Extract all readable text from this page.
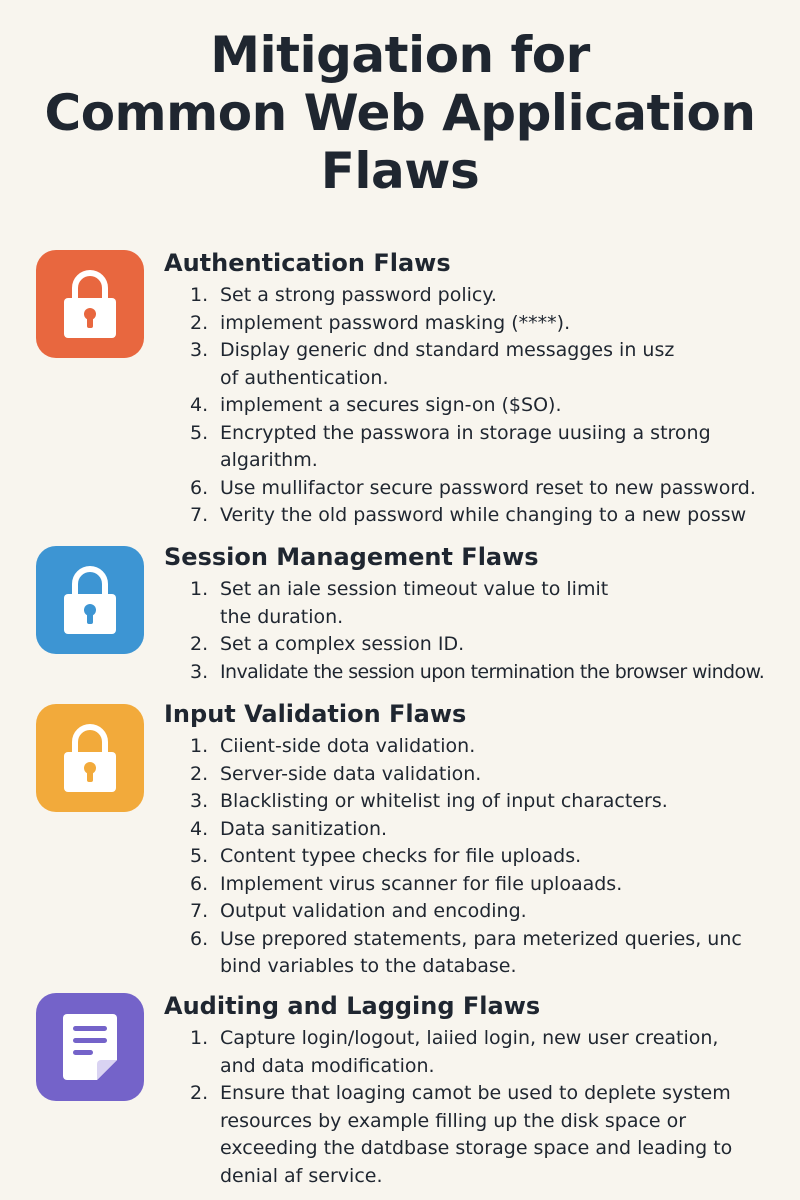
Mitigation for
Common Web Application
Flaws
Authentication Flaws
1. Set a strong password policy.
2. implement password masking (****).
3. Display generic dnd standard messagges in usz
of authentication.
4. implement a secures sign-on ($SO).
5. Encrypted the passwora in storage uusiing a strong
algarithm.
6. Use mullifactor secure password reset to new password.
7. Verity the old password while changing to a new possw
Session Management Flaws
1. Set an iale session timeout value to limit
the duration.
2. Set a complex session ID.
3. Invalidate the session upon termination the browser window.
Input Validation Flaws
1. Ciient-side dota validation.
2. Server-side data validation.
3. Blacklisting or whitelist ing of input characters.
4. Data sanitization.
5. Content typee checks for file uploads.
6. Implement virus scanner for file uploaads.
7. Output validation and encoding.
6. Use prepored statements, para meterized queries, unc
bind variables to the database.
Auditing and Lagging Flaws
1. Capture login/logout, laiied login, new user creation,
and data modification.
2. Ensure that loaging camot be used to deplete system
resources by example filling up the disk space or
exceeding the datdbase storage space and leading to
denial af service.
